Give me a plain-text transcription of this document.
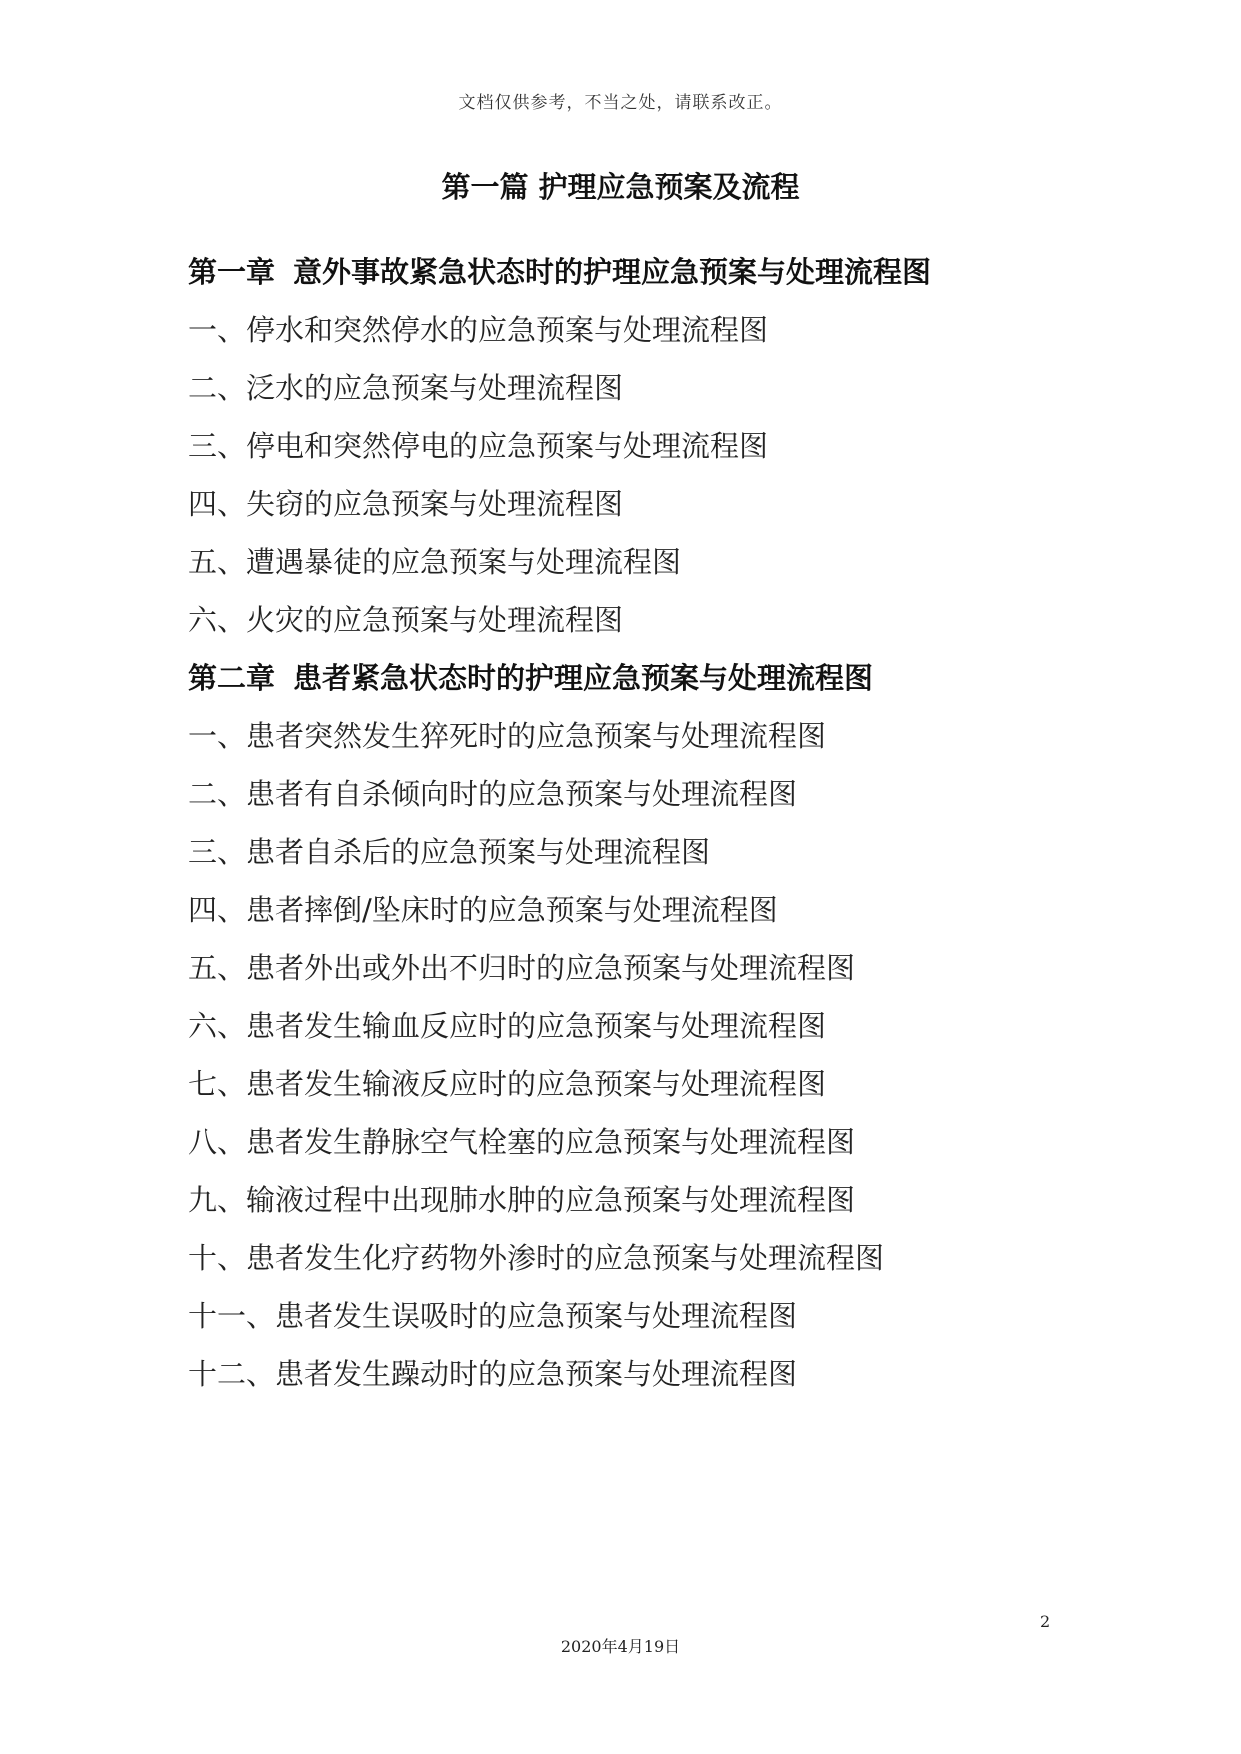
文档仅供参考，不当之处，请联系改正。
第一篇 护理应急预案及流程
第一章 意外事故紧急状态时的护理应急预案与处理流程图
一、停水和突然停水的应急预案与处理流程图
二、泛水的应急预案与处理流程图
三、停电和突然停电的应急预案与处理流程图
四、失窃的应急预案与处理流程图
五、遭遇暴徒的应急预案与处理流程图
六、火灾的应急预案与处理流程图
第二章 患者紧急状态时的护理应急预案与处理流程图
一、患者突然发生猝死时的应急预案与处理流程图
二、患者有自杀倾向时的应急预案与处理流程图
三、患者自杀后的应急预案与处理流程图
四、患者摔倒/坠床时的应急预案与处理流程图
五、患者外出或外出不归时的应急预案与处理流程图
六、患者发生输血反应时的应急预案与处理流程图
七、患者发生输液反应时的应急预案与处理流程图
八、患者发生静脉空气栓塞的应急预案与处理流程图
九、输液过程中出现肺水肿的应急预案与处理流程图
十、患者发生化疗药物外渗时的应急预案与处理流程图
十一、患者发生误吸时的应急预案与处理流程图
十二、患者发生躁动时的应急预案与处理流程图
2
2020年4月19日
